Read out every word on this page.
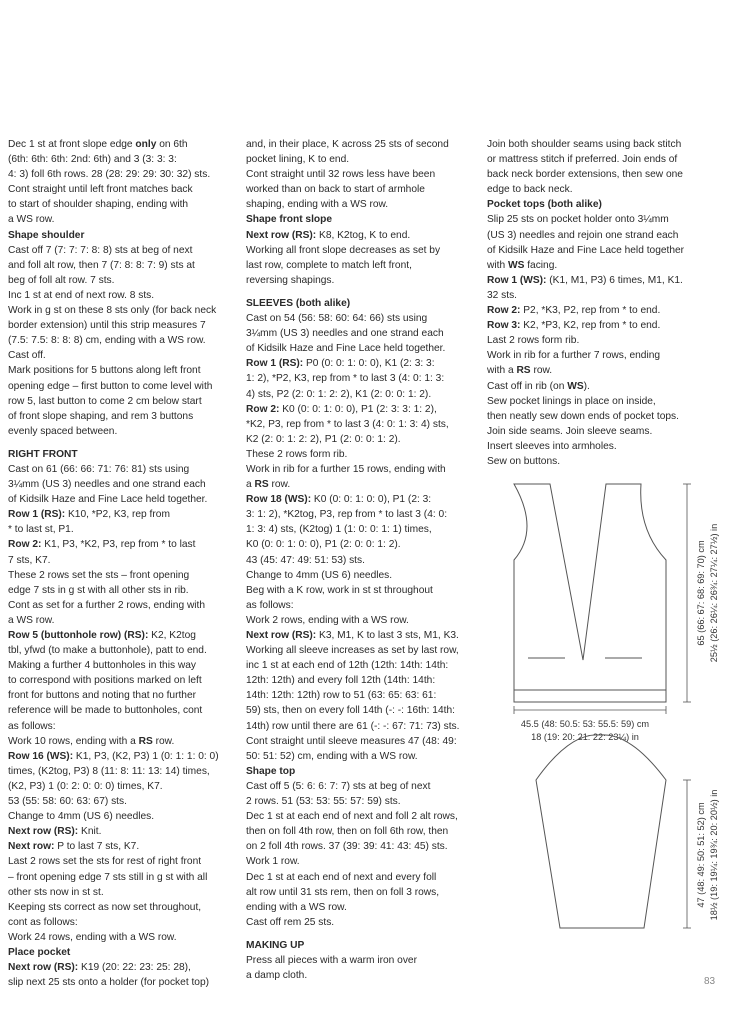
Dec 1 st at front slope edge only on 6th
(6th: 6th: 6th: 2nd: 6th) and 3 (3: 3: 3:
4: 3) foll 6th rows. 28 (28: 29: 29: 30: 32) sts.
Cont straight until left front matches back
to start of shoulder shaping, ending with
a WS row.
Shape shoulder
Cast off 7 (7: 7: 7: 8: 8) sts at beg of next
and foll alt row, then 7 (7: 8: 8: 7: 9) sts at
beg of foll alt row. 7 sts.
Inc 1 st at end of next row. 8 sts.
Work in g st on these 8 sts only (for back neck
border extension) until this strip measures 7
(7.5: 7.5: 8: 8: 8) cm, ending with a WS row.
Cast off.
Mark positions for 5 buttons along left front
opening edge – first button to come level with
row 5, last button to come 2 cm below start
of front slope shaping, and rem 3 buttons
evenly spaced between.
RIGHT FRONT
Cast on 61 (66: 66: 71: 76: 81) sts using
3¼mm (US 3) needles and one strand each
of Kidsilk Haze and Fine Lace held together.
Row 1 (RS): K10, *P2, K3, rep from
* to last st, P1.
Row 2: K1, P3, *K2, P3, rep from * to last
7 sts, K7.
These 2 rows set the sts – front opening
edge 7 sts in g st with all other sts in rib.
Cont as set for a further 2 rows, ending with
a WS row.
Row 5 (buttonhole row) (RS): K2, K2tog
tbl, yfwd (to make a buttonhole), patt to end.
Making a further 4 buttonholes in this way
to correspond with positions marked on left
front for buttons and noting that no further
reference will be made to buttonholes, cont
as follows:
Work 10 rows, ending with a RS row.
Row 16 (WS): K1, P3, (K2, P3) 1 (0: 1: 1: 0: 0)
times, (K2tog, P3) 8 (11: 8: 11: 13: 14) times,
(K2, P3) 1 (0: 2: 0: 0: 0) times, K7.
53 (55: 58: 60: 63: 67) sts.
Change to 4mm (US 6) needles.
Next row (RS): Knit.
Next row: P to last 7 sts, K7.
Last 2 rows set the sts for rest of right front
– front opening edge 7 sts still in g st with all
other sts now in st st.
Keeping sts correct as now set throughout,
cont as follows:
Work 24 rows, ending with a WS row.
Place pocket
Next row (RS): K19 (20: 22: 23: 25: 28),
slip next 25 sts onto a holder (for pocket top)
and, in their place, K across 25 sts of second
pocket lining, K to end.
Cont straight until 32 rows less have been
worked than on back to start of armhole
shaping, ending with a WS row.
Shape front slope
Next row (RS): K8, K2tog, K to end.
Working all front slope decreases as set by
last row, complete to match left front,
reversing shapings.
SLEEVES (both alike)
Cast on 54 (56: 58: 60: 64: 66) sts using
3¼mm (US 3) needles and one strand each
of Kidsilk Haze and Fine Lace held together.
Row 1 (RS): P0 (0: 0: 1: 0: 0), K1 (2: 3: 3:
1: 2), *P2, K3, rep from * to last 3 (4: 0: 1: 3:
4) sts, P2 (2: 0: 1: 2: 2), K1 (2: 0: 0: 1: 2).
Row 2: K0 (0: 0: 1: 0: 0), P1 (2: 3: 3: 1: 2),
*K2, P3, rep from * to last 3 (4: 0: 1: 3: 4) sts,
K2 (2: 0: 1: 2: 2), P1 (2: 0: 0: 1: 2).
These 2 rows form rib.
Work in rib for a further 15 rows, ending with
a RS row.
Row 18 (WS): K0 (0: 0: 1: 0: 0), P1 (2: 3:
3: 1: 2), *K2tog, P3, rep from * to last 3 (4: 0:
1: 3: 4) sts, (K2tog) 1 (1: 0: 0: 1: 1) times,
K0 (0: 0: 1: 0: 0), P1 (2: 0: 0: 1: 2).
43 (45: 47: 49: 51: 53) sts.
Change to 4mm (US 6) needles.
Beg with a K row, work in st st throughout
as follows:
Work 2 rows, ending with a WS row.
Next row (RS): K3, M1, K to last 3 sts, M1, K3.
Working all sleeve increases as set by last row,
inc 1 st at each end of 12th (12th: 14th: 14th:
12th: 12th) and every foll 12th (14th: 14th:
14th: 12th: 12th) row to 51 (63: 65: 63: 61:
59) sts, then on every foll 14th (-: -: 16th: 14th:
14th) row until there are 61 (-: -: 67: 71: 73) sts.
Cont straight until sleeve measures 47 (48: 49:
50: 51: 52) cm, ending with a WS row.
Shape top
Cast off 5 (5: 6: 6: 7: 7) sts at beg of next
2 rows. 51 (53: 53: 55: 57: 59) sts.
Dec 1 st at each end of next and foll 2 alt rows,
then on foll 4th row, then on foll 6th row, then
on 2 foll 4th rows. 37 (39: 39: 41: 43: 45) sts.
Work 1 row.
Dec 1 st at each end of next and every foll
alt row until 31 sts rem, then on foll 3 rows,
ending with a WS row.
Cast off rem 25 sts.
MAKING UP
Press all pieces with a warm iron over
a damp cloth.
Join both shoulder seams using back stitch
or mattress stitch if preferred. Join ends of
back neck border extensions, then sew one
edge to back neck.
Pocket tops (both alike)
Slip 25 sts on pocket holder onto 3¼mm
(US 3) needles and rejoin one strand each
of Kidsilk Haze and Fine Lace held together
with WS facing.
Row 1 (WS): (K1, M1, P3) 6 times, M1, K1.
32 sts.
Row 2: P2, *K3, P2, rep from * to end.
Row 3: K2, *P3, K2, rep from * to end.
Last 2 rows form rib.
Work in rib for a further 7 rows, ending
with a RS row.
Cast off in rib (on WS).
Sew pocket linings in place on inside,
then neatly sew down ends of pocket tops.
Join side seams. Join sleeve seams.
Insert sleeves into armholes.
Sew on buttons.
45.5 (48: 50.5: 53: 55.5: 59) cm
18 (19: 20: 21: 22: 23¼) in
65 (66: 67: 68: 69: 70) cm 25½ (26: 26¼: 26¾: 27¼: 27½) in
47 (48: 49: 50: 51: 52) cm 18½ (19: 19¼: 19¾: 20: 20½) in
83
